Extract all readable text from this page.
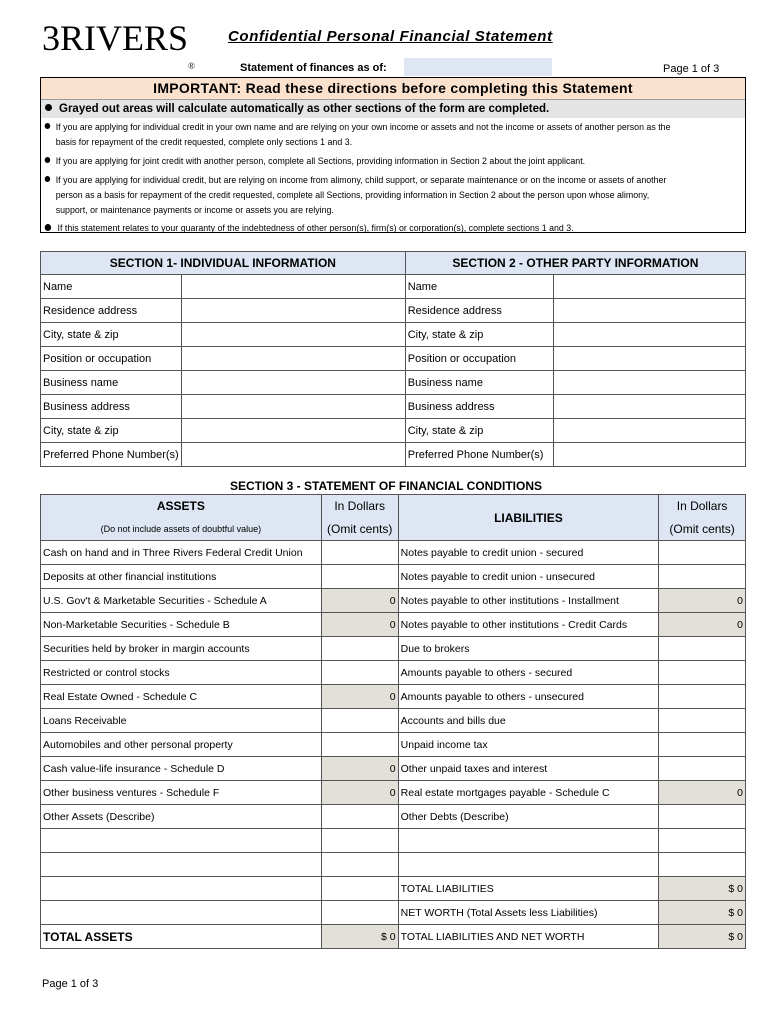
3RIVERS®
Confidential Personal Financial Statement
Statement of finances as of:	Page 1 of 3
IMPORTANT: Read these directions before completing this Statement
Grayed out areas will calculate automatically as other sections of the form are completed.
If you are applying for individual credit in your own name and are relying on your own income or assets and not the income or assets of another person as the
basis for repayment of the credit requested, complete only sections 1 and 3.
If you are applying for joint credit with another person, complete all Sections, providing information in Section 2 about the joint applicant.
If you are applying for individual credit, but are relying on income from alimony, child support, or separate maintenance or on the income or assets of another
person as a basis for repayment of the credit requested, complete all Sections, providing information in Section 2 about the person upon whose alimony,
support, or maintenance payments or income or assets you are relying.
If this statement relates to your guaranty of the indebtedness of other person(s), firm(s) or corporation(s), complete sections 1 and 3.
SECTION 1- INDIVIDUAL INFORMATION		SECTION 2 - OTHER PARTY INFORMATION	
Name		Name	
Residence address		Residence address	
City, state & zip		City, state & zip	
Position or occupation		Position or occupation	
Business name		Business name	
Business address		Business address	
City, state & zip		City, state & zip	
Preferred Phone Number(s)		Preferred Phone Number(s)	
SECTION 3 - STATEMENT OF FINANCIAL CONDITIONS
ASSETS	In Dollars	LIABILITIES	In Dollars
(Do not include assets of doubtful value)	(Omit cents)		(Omit cents)
Cash on hand and in Three Rivers Federal Credit Union		Notes payable to credit union - secured	
Deposits at other financial institutions		Notes payable to credit union - unsecured	
U.S. Gov't & Marketable Securities - Schedule A	0	Notes payable to other institutions - Installment	0
Non-Marketable Securities - Schedule B	0	Notes payable to other institutions - Credit Cards	0
Securities held by broker in margin accounts		Due to brokers	
Restricted or control stocks		Amounts payable to others - secured	
Real Estate Owned - Schedule C	0	Amounts payable to others - unsecured	
Loans Receivable		Accounts and bills due	
Automobiles and other personal property		Unpaid income tax	
Cash value-life insurance - Schedule D	0	Other unpaid taxes and interest	
Other business ventures - Schedule F	0	Real estate mortgages payable - Schedule C	0
Other Assets (Describe)		Other Debts (Describe)	

		TOTAL LIABILITIES	$ 0
		NET WORTH (Total Assets less Liabilities)	$ 0
TOTAL ASSETS	$ 0	TOTAL LIABILITIES AND NET WORTH	$ 0
Page 1 of 3
